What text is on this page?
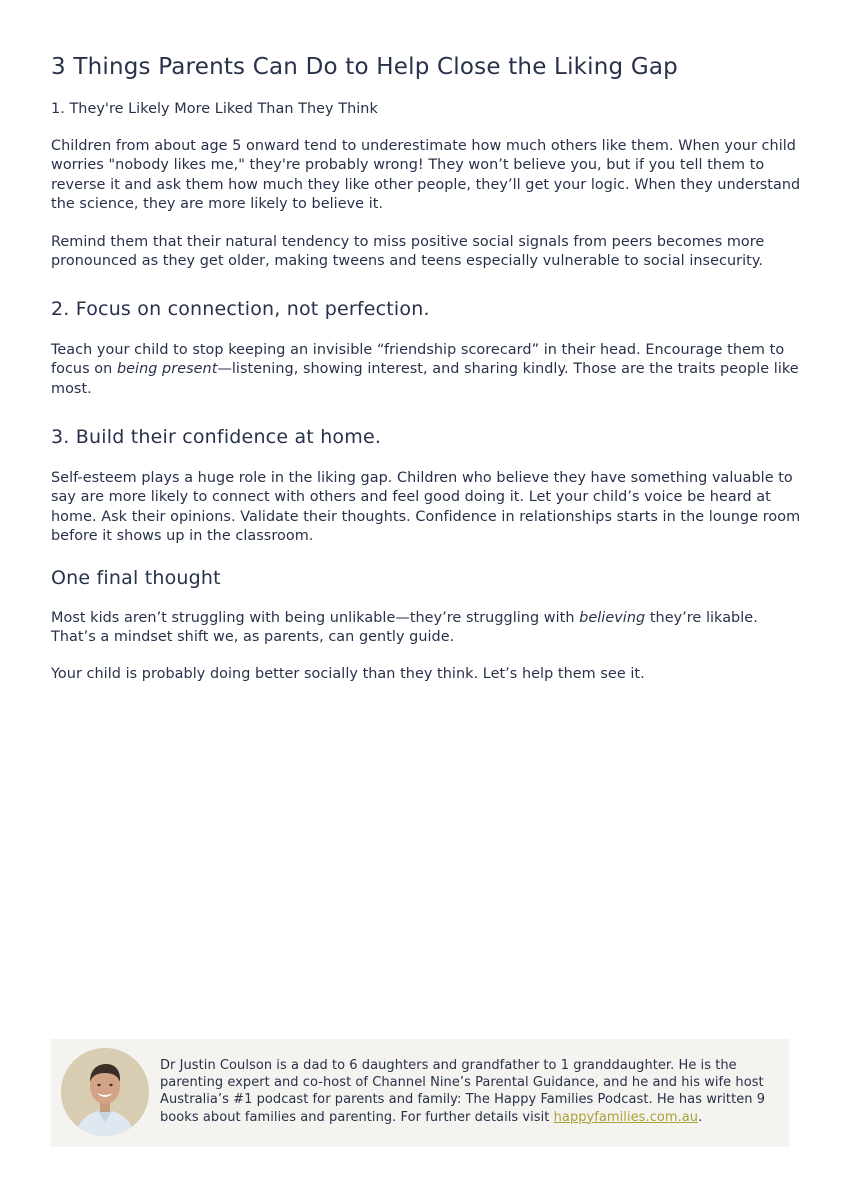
3 Things Parents Can Do to Help Close the Liking Gap

1. They're Likely More Liked Than They Think

Children from about age 5 onward tend to underestimate how much others like them. When your child worries "nobody likes me," they're probably wrong! They won’t believe you, but if you tell them to reverse it and ask them how much they like other people, they’ll get your logic. When they understand the science, they are more likely to believe it.

Remind them that their natural tendency to miss positive social signals from peers becomes more pronounced as they get older, making tweens and teens especially vulnerable to social insecurity.

2. Focus on connection, not perfection.

Teach your child to stop keeping an invisible “friendship scorecard” in their head. Encourage them to focus on being present—listening, showing interest, and sharing kindly. Those are the traits people like most.

3. Build their confidence at home.

Self-esteem plays a huge role in the liking gap. Children who believe they have something valuable to say are more likely to connect with others and feel good doing it. Let your child’s voice be heard at home. Ask their opinions. Validate their thoughts. Confidence in relationships starts in the lounge room before it shows up in the classroom.

One final thought

Most kids aren’t struggling with being unlikable—they’re struggling with believing they’re likable. That’s a mindset shift we, as parents, can gently guide.

Your child is probably doing better socially than they think. Let’s help them see it.

Dr Justin Coulson is a dad to 6 daughters and grandfather to 1 granddaughter. He is the parenting expert and co-host of Channel Nine’s Parental Guidance, and he and his wife host Australia’s #1 podcast for parents and family: The Happy Families Podcast. He has written 9 books about families and parenting. For further details visit happyfamilies.com.au.
